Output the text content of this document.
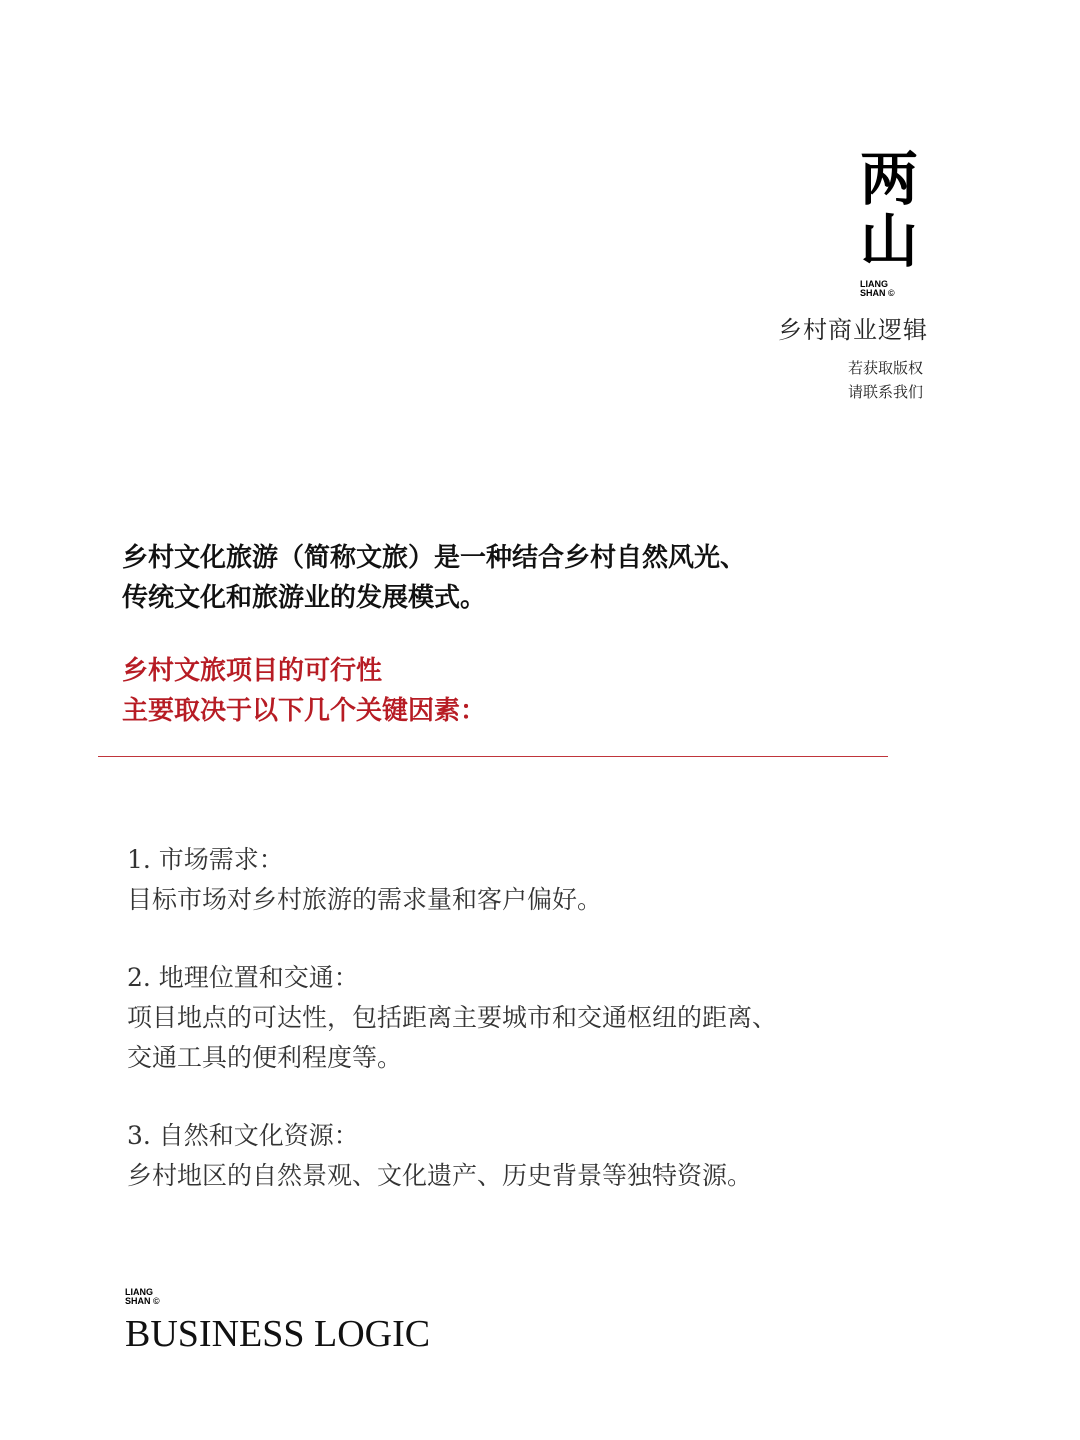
两
山
LIANG
SHAN ©
乡村商业逻辑
若获取版权
请联系我们
乡村文化旅游（简称文旅）是一种结合乡村自然风光、
传统文化和旅游业的发展模式。
乡村文旅项目的可行性
主要取决于以下几个关键因素：
1. 市场需求：
目标市场对乡村旅游的需求量和客户偏好。
2. 地理位置和交通：
项目地点的可达性，包括距离主要城市和交通枢纽的距离、
交通工具的便利程度等。
3. 自然和文化资源：
乡村地区的自然景观、文化遗产、历史背景等独特资源。
LIANG
SHAN ©
BUSINESS LOGIC
